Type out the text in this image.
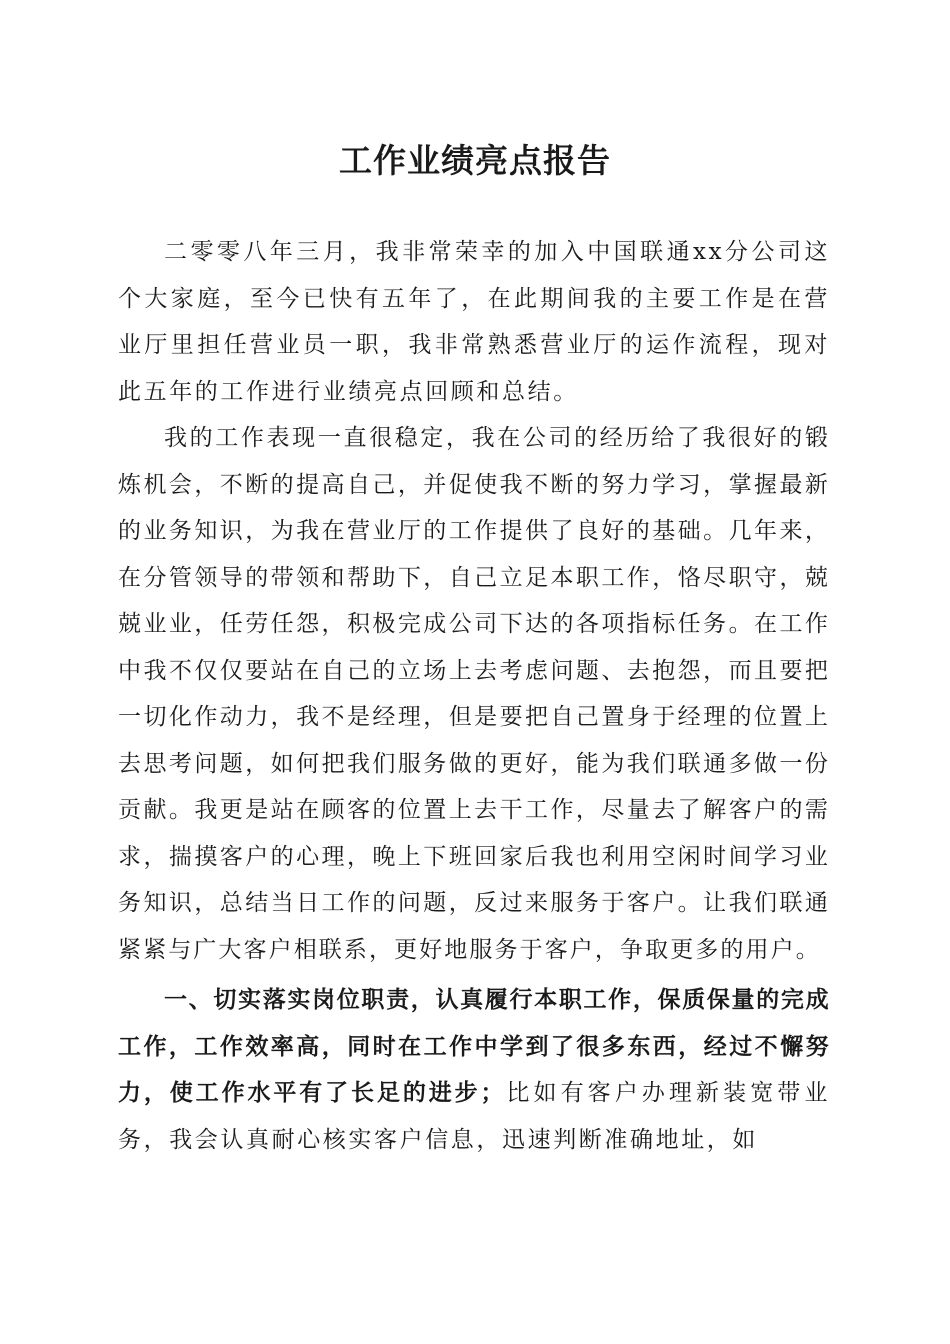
工作业绩亮点报告

二零零八年三月，我非常荣幸的加入中国联通xx分公司这个大家庭，至今已快有五年了，在此期间我的主要工作是在营业厅里担任营业员一职，我非常熟悉营业厅的运作流程，现对此五年的工作进行业绩亮点回顾和总结。

我的工作表现一直很稳定，我在公司的经历给了我很好的锻炼机会，不断的提高自己，并促使我不断的努力学习，掌握最新的业务知识，为我在营业厅的工作提供了良好的基础。几年来，在分管领导的带领和帮助下，自己立足本职工作，恪尽职守，兢兢业业，任劳任怨，积极完成公司下达的各项指标任务。在工作中我不仅仅要站在自己的立场上去考虑问题、去抱怨，而且要把一切化作动力，我不是经理，但是要把自己置身于经理的位置上去思考问题，如何把我们服务做的更好，能为我们联通多做一份贡献。我更是站在顾客的位置上去干工作，尽量去了解客户的需求，揣摸客户的心理，晚上下班回家后我也利用空闲时间学习业务知识，总结当日工作的问题，反过来服务于客户。让我们联通紧紧与广大客户相联系，更好地服务于客户，争取更多的用户。

一、切实落实岗位职责，认真履行本职工作，保质保量的完成工作，工作效率高，同时在工作中学到了很多东西，经过不懈努力，使工作水平有了长足的进步；比如有客户办理新装宽带业务，我会认真耐心核实客户信息，迅速判断准确地址，如
